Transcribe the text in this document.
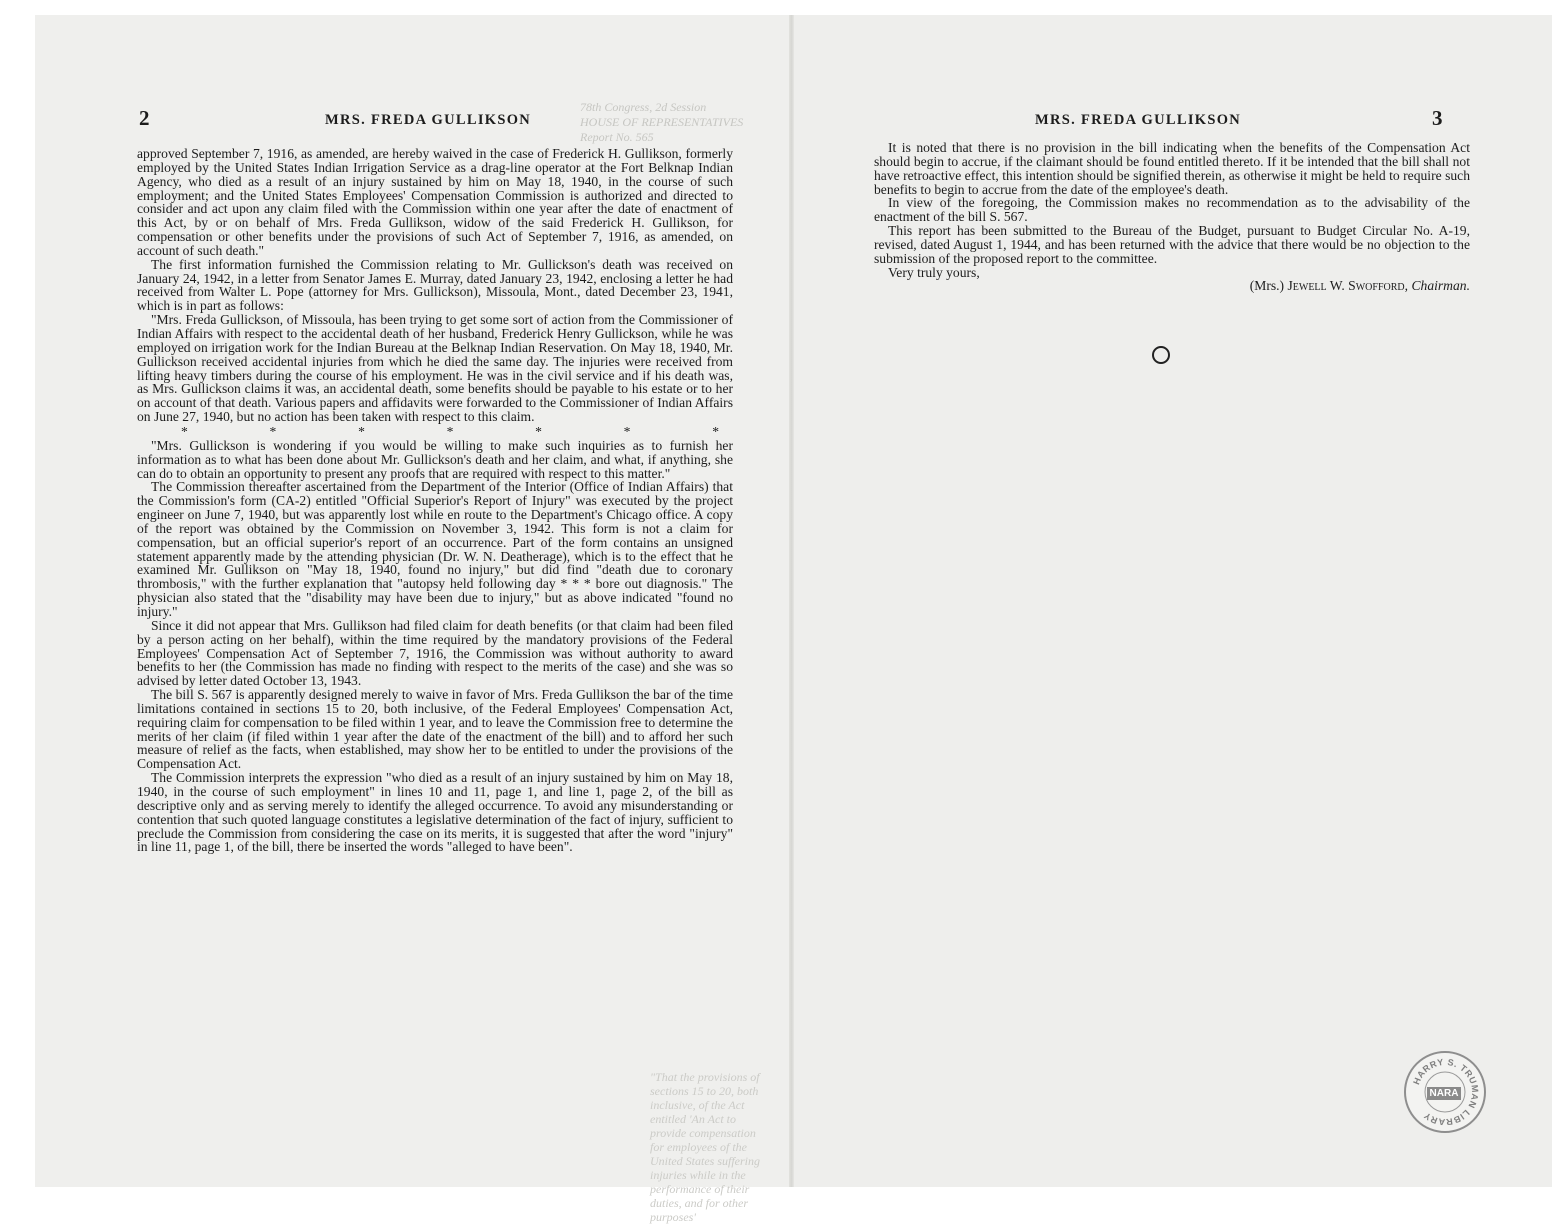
78th Congress, 2d Session
HOUSE OF REPRESENTATIVES
Report No. 565
"That the provisions of sections 15 to 20, both inclusive, of the Act entitled 'An Act to provide compensation for employees of the United States suffering injuries while in the performance of their duties, and for other purposes'
2	MRS. FREDA GULLIKSON

approved September 7, 1916, as amended, are hereby waived in the case of Frederick H. Gullikson, formerly employed by the United States Indian Irrigation Service as a drag-line operator at the Fort Belknap Indian Agency, who died as a result of an injury sustained by him on May 18, 1940, in the course of such employment; and the United States Employees' Compensation Commission is authorized and directed to consider and act upon any claim filed with the Commission within one year after the date of enactment of this Act, by or on behalf of Mrs. Freda Gullikson, widow of the said Frederick H. Gullikson, for compensation or other benefits under the provisions of such Act of September 7, 1916, as amended, on account of such death."

The first information furnished the Commission relating to Mr. Gullickson's death was received on January 24, 1942, in a letter from Senator James E. Murray, dated January 23, 1942, enclosing a letter he had received from Walter L. Pope (attorney for Mrs. Gullickson), Missoula, Mont., dated December 23, 1941, which is in part as follows:

"Mrs. Freda Gullickson, of Missoula, has been trying to get some sort of action from the Commissioner of Indian Affairs with respect to the accidental death of her husband, Frederick Henry Gullickson, while he was employed on irrigation work for the Indian Bureau at the Belknap Indian Reservation. On May 18, 1940, Mr. Gullickson received accidental injuries from which he died the same day. The injuries were received from lifting heavy timbers during the course of his employment. He was in the civil service and if his death was, as Mrs. Gullickson claims it was, an accidental death, some benefits should be payable to his estate or to her on account of that death. Various papers and affidavits were forwarded to the Commissioner of Indian Affairs on June 27, 1940, but no action has been taken with respect to this claim.

*	*	*	*	*	*	*

"Mrs. Gullickson is wondering if you would be willing to make such inquiries as to furnish her information as to what has been done about Mr. Gullickson's death and her claim, and what, if anything, she can do to obtain an opportunity to present any proofs that are required with respect to this matter."

The Commission thereafter ascertained from the Department of the Interior (Office of Indian Affairs) that the Commission's form (CA-2) entitled "Official Superior's Report of Injury" was executed by the project engineer on June 7, 1940, but was apparently lost while en route to the Department's Chicago office. A copy of the report was obtained by the Commission on November 3, 1942. This form is not a claim for compensation, but an official superior's report of an occurrence. Part of the form contains an unsigned statement apparently made by the attending physician (Dr. W. N. Deatherage), which is to the effect that he examined Mr. Gullikson on "May 18, 1940, found no injury," but did find "death due to coronary thrombosis," with the further explanation that "autopsy held following day * * * bore out diagnosis." The physician also stated that the "disability may have been due to injury," but as above indicated "found no injury."

Since it did not appear that Mrs. Gullikson had filed claim for death benefits (or that claim had been filed by a person acting on her behalf), within the time required by the mandatory provisions of the Federal Employees' Compensation Act of September 7, 1916, the Commission was without authority to award benefits to her (the Commission has made no finding with respect to the merits of the case) and she was so advised by letter dated October 13, 1943.

The bill S. 567 is apparently designed merely to waive in favor of Mrs. Freda Gullikson the bar of the time limitations contained in sections 15 to 20, both inclusive, of the Federal Employees' Compensation Act, requiring claim for compensation to be filed within 1 year, and to leave the Commission free to determine the merits of her claim (if filed within 1 year after the date of the enactment of the bill) and to afford her such measure of relief as the facts, when established, may show her to be entitled to under the provisions of the Compensation Act.

The Commission interprets the expression "who died as a result of an injury sustained by him on May 18, 1940, in the course of such employment" in lines 10 and 11, page 1, and line 1, page 2, of the bill as descriptive only and as serving merely to identify the alleged occurrence. To avoid any misunderstanding or contention that such quoted language constitutes a legislative determination of the fact of injury, sufficient to preclude the Commission from considering the case on its merits, it is suggested that after the word "injury" in line 11, page 1, of the bill, there be inserted the words "alleged to have been".

MRS. FREDA GULLIKSON	3

It is noted that there is no provision in the bill indicating when the benefits of the Compensation Act should begin to accrue, if the claimant should be found entitled thereto. If it be intended that the bill shall not have retroactive effect, this intention should be signified therein, as otherwise it might be held to require such benefits to begin to accrue from the date of the employee's death.

In view of the foregoing, the Commission makes no recommendation as to the advisability of the enactment of the bill S. 567.

This report has been submitted to the Bureau of the Budget, pursuant to Budget Circular No. A-19, revised, dated August 1, 1944, and has been returned with the advice that there would be no objection to the submission of the proposed report to the committee.

Very truly yours,

(Mrs.) Jewell W. Swofford, Chairman.

HARRY S. TRUMAN LIBRARY
NARA
